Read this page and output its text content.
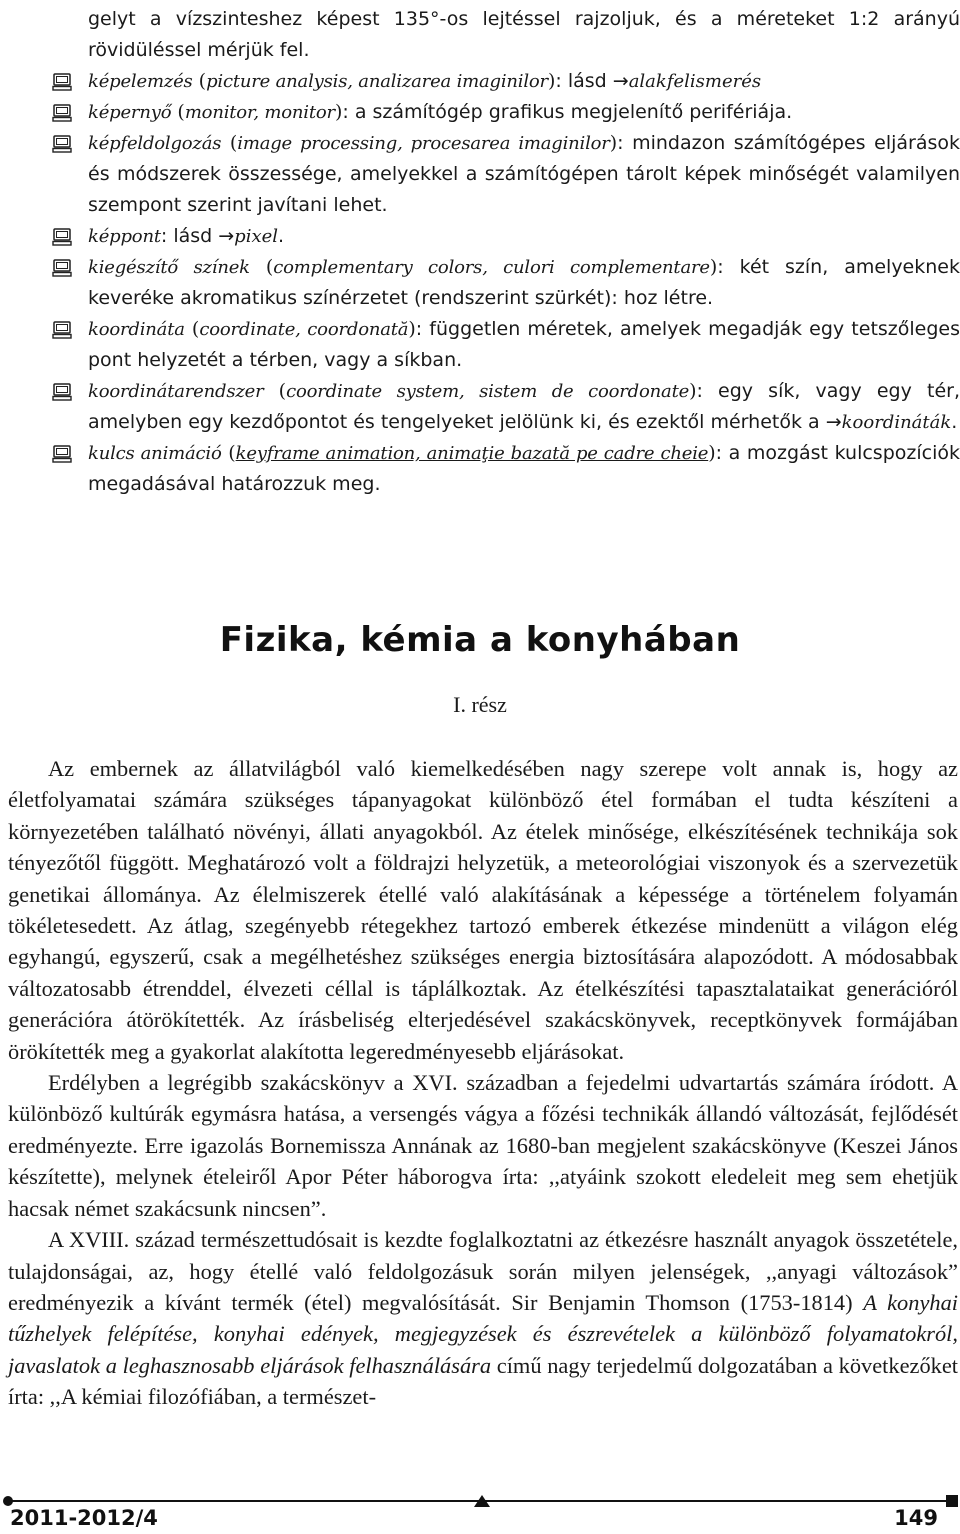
gelyt a vízszinteshez képest 135°-os lejtéssel rajzoljuk, és a méreteket 1:2 arányú rövidüléssel mérjük fel.
képelemzés (picture analysis, analizarea imaginilor): lásd →alakfelismerés
képernyő (monitor, monitor): a számítógép grafikus megjelenítő perifériája.
képfeldolgozás (image processing, procesarea imaginilor): mindazon számítógépes eljárások és módszerek összessége, amelyekkel a számítógépen tárolt képek minőségét valamilyen szempont szerint javítani lehet.
képpont: lásd →pixel.
kiegészítő színek (complementary colors, culori complementare): két szín, amelyeknek keveréke akromatikus színérzetet (rendszerint szürkét): hoz létre.
koordináta (coordinate, coordonată): független méretek, amelyek megadják egy tetszőleges pont helyzetét a térben, vagy a síkban.
koordinátarendszer (coordinate system, sistem de coordonate): egy sík, vagy egy tér, amelyben egy kezdőpontot és tengelyeket jelölünk ki, és ezektől mérhetők a →koordináták.
kulcs animáció (keyframe animation, animaţie bazată pe cadre cheie): a mozgást kulcspozíciók megadásával határozzuk meg.
Fizika, kémia a konyhában
I. rész

Az embernek az állatvilágból való kiemelkedésében nagy szerepe volt annak is, hogy az életfolyamatai számára szükséges tápanyagokat különböző étel formában el tudta készíteni a környezetében található növényi, állati anyagokból. Az ételek minősége, elkészítésének technikája sok tényezőtől függött. Meghatározó volt a földrajzi helyzetük, a meteorológiai viszonyok és a szervezetük genetikai állománya. Az élelmiszerek étellé való alakításának a képessége a történelem folyamán tökéletesedett. Az átlag, szegényebb rétegekhez tartozó emberek étkezése mindenütt a világon elég egyhangú, egyszerű, csak a megélhetéshez szükséges energia biztosítására alapozódott. A módosabbak változatosabb étrenddel, élvezeti céllal is táplálkoztak. Az ételkészítési tapasztalataikat generációról generációra átörökítették. Az írásbeliség elterjedésével szakácskönyvek, receptkönyvek formájában örökítették meg a gyakorlat alakította legeredményesebb eljárásokat.

Erdélyben a legrégibb szakácskönyv a XVI. században a fejedelmi udvartartás számára íródott. A különböző kultúrák egymásra hatása, a versengés vágya a főzési technikák állandó változását, fejlődését eredményezte. Erre igazolás Bornemissza Annának az 1680-ban megjelent szakácskönyve (Keszei János készítette), melynek ételeiről Apor Péter háborogva írta: ,,atyáink szokott eledeleit meg sem ehetjük hacsak német szakácsunk nincsen”.

A XVIII. század természettudósait is kezdte foglalkoztatni az étkezésre használt anyagok összetétele, tulajdonságai, az, hogy étellé való feldolgozásuk során milyen jelenségek, ,,anyagi változások” eredményezik a kívánt termék (étel) megvalósítását. Sir Benjamin Thomson (1753-1814) A konyhai tűzhelyek felépítése, konyhai edények, megjegyzések és észrevételek a különböző folyamatokról, javaslatok a leghasznosabb eljárások felhasználására című nagy terjedelmű dolgozatában a következőket írta: ,,A kémiai filozófiában, a természet-

2011-2012/4	149
